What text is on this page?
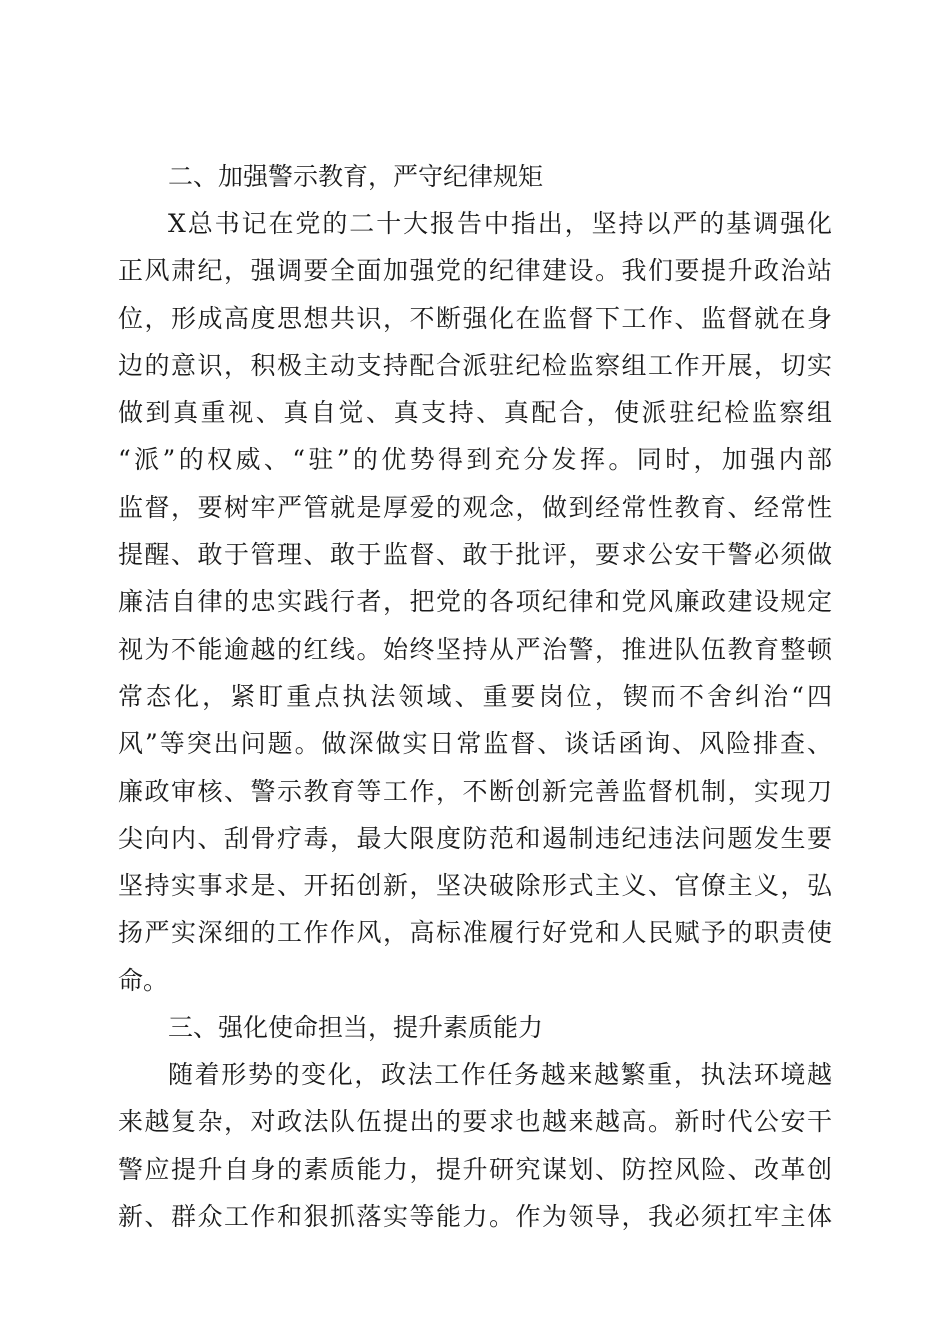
二、加强警示教育，严守纪律规矩

X总书记在党的二十大报告中指出，坚持以严的基调强化

正风肃纪，强调要全面加强党的纪律建设。我们要提升政治站

位，形成高度思想共识，不断强化在监督下工作、监督就在身

边的意识，积极主动支持配合派驻纪检监察组工作开展，切实

做到真重视、真自觉、真支持、真配合，使派驻纪检监察组

“派”的权威、“驻”的优势得到充分发挥。同时，加强内部

监督，要树牢严管就是厚爱的观念，做到经常性教育、经常性

提醒、敢于管理、敢于监督、敢于批评，要求公安干警必须做

廉洁自律的忠实践行者，把党的各项纪律和党风廉政建设规定

视为不能逾越的红线。始终坚持从严治警，推进队伍教育整顿

常态化，紧盯重点执法领域、重要岗位，锲而不舍纠治“四

风”等突出问题。做深做实日常监督、谈话函询、风险排查、

廉政审核、警示教育等工作，不断创新完善监督机制，实现刀

尖向内、刮骨疗毒，最大限度防范和遏制违纪违法问题发生要

坚持实事求是、开拓创新，坚决破除形式主义、官僚主义，弘

扬严实深细的工作作风，高标准履行好党和人民赋予的职责使

命。

三、强化使命担当，提升素质能力

随着形势的变化，政法工作任务越来越繁重，执法环境越

来越复杂，对政法队伍提出的要求也越来越高。新时代公安干

警应提升自身的素质能力，提升研究谋划、防控风险、改革创

新、群众工作和狠抓落实等能力。作为领导，我必须扛牢主体
